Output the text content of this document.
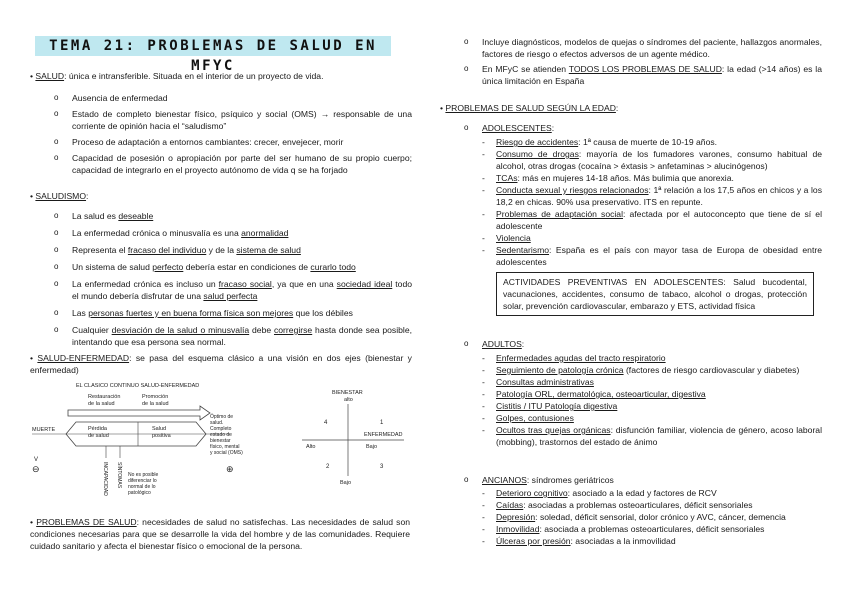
TEMA 21: PROBLEMAS DE SALUD EN MFYC
• SALUD: única e intransferible. Situada en el interior de un proyecto de vida.
o Ausencia de enfermedad
o Estado de completo bienestar físico, psíquico y social (OMS) → responsable de una corriente de opinión hacia el “saludismo”
o Proceso de adaptación a entornos cambiantes: crecer, envejecer, morir
o Capacidad de posesión o apropiación por parte del ser humano de su propio cuerpo; capacidad de integrarlo en el proyecto autónomo de vida q se ha forjado
• SALUDISMO:
o La salud es deseable
o La enfermedad crónica o minusvalía es una anormalidad
o Representa el fracaso del individuo y de la sistema de salud
o Un sistema de salud perfecto debería estar en condiciones de curarlo todo
o La enfermedad crónica es incluso un fracaso social, ya que en una sociedad ideal todo el mundo debería disfrutar de una salud perfecta
o Las personas fuertes y en buena forma física son mejores que los débiles
o Cualquier desviación de la salud o minusvalía debe corregirse hasta donde sea posible, intentando que esa persona sea normal.
• SALUD-ENFERMEDAD: se pasa del esquema clásico a una visión en dos ejes (bienestar y enfermedad)
EL CLASICO CONTINUO SALUD-ENFERMEDAD
Restauración
de la salud
Promoción
de la salud
Pérdida
de salud
Salud
positiva
MUERTE
Óptimo de
salud.
Completo
estado de
bienestar
físico, mental
y social (OMS)
INCAPACIDAD SÍNTOMAS No es posible
diferenciar lo
normal de lo
patológico
V
⊖	⊕
BIENESTAR
alto
ENFERMEDAD
Bajo
Alto
Bajo
1
4
2	3
• PROBLEMAS DE SALUD: necesidades de salud no satisfechas. Las necesidades de salud son condiciones necesarias para que se desarrolle la vida del hombre y de las comunidades. Requiere cuidado sanitario y afecta el bienestar físico o emocional de la persona.
o Incluye diagnósticos, modelos de quejas o síndromes del paciente, hallazgos anormales, factores de riesgo o efectos adversos de un agente médico.
o En MFyC se atienden TODOS LOS PROBLEMAS DE SALUD: la edad (>14 años) es la única limitación en España
• PROBLEMAS DE SALUD SEGÚN LA EDAD:
o ADOLESCENTES:
- Riesgo de accidentes: 1ª causa de muerte de 10-19 años.
- Consumo de drogas: mayoría de los fumadores varones, consumo habitual de alcohol, otras drogas (cocaína > éxtasis > anfetaminas > alucinógenos)
- TCAs: más en mujeres 14-18 años. Más bulimia que anorexia.
- Conducta sexual y riesgos relacionados: 1ª relación a los 17,5 años en chicos y a los 18,2 en chicas. 90% usa preservativo. ITS en repunte.
- Problemas de adaptación social: afectada por el autoconcepto que tiene de sí el adolescente
- Violencia
- Sedentarismo: España es el país con mayor tasa de Europa de obesidad entre adolescentes
ACTIVIDADES PREVENTIVAS EN ADOLESCENTES: Salud bucodental, vacunaciones, accidentes, consumo de tabaco, alcohol o drogas, protección solar, prevención cardiovascular, embarazo y ETS, actividad física
o ADULTOS:
- Enfermedades agudas del tracto respiratorio
- Seguimiento de patología crónica (factores de riesgo cardiovascular y diabetes)
- Consultas administrativas
- Patología ORL, dermatológica, osteoarticular, digestiva
- Cistitis / ITU Patología digestiva
- Golpes, contusiones
- Ocultos tras quejas orgánicas: disfunción familiar, violencia de género, acoso laboral (mobbing), trastornos del estado de ánimo
o ANCIANOS: síndromes geriátricos
- Deterioro cognitivo: asociado a la edad y factores de RCV
- Caídas: asociadas a problemas osteoarticulares, déficit sensoriales
- Depresión: soledad, déficit sensorial, dolor crónico y AVC, cáncer, demencia
- Inmovilidad: asociada a problemas osteoarticulares, déficit sensoriales
- Úlceras por presión: asociadas a la inmovilidad
